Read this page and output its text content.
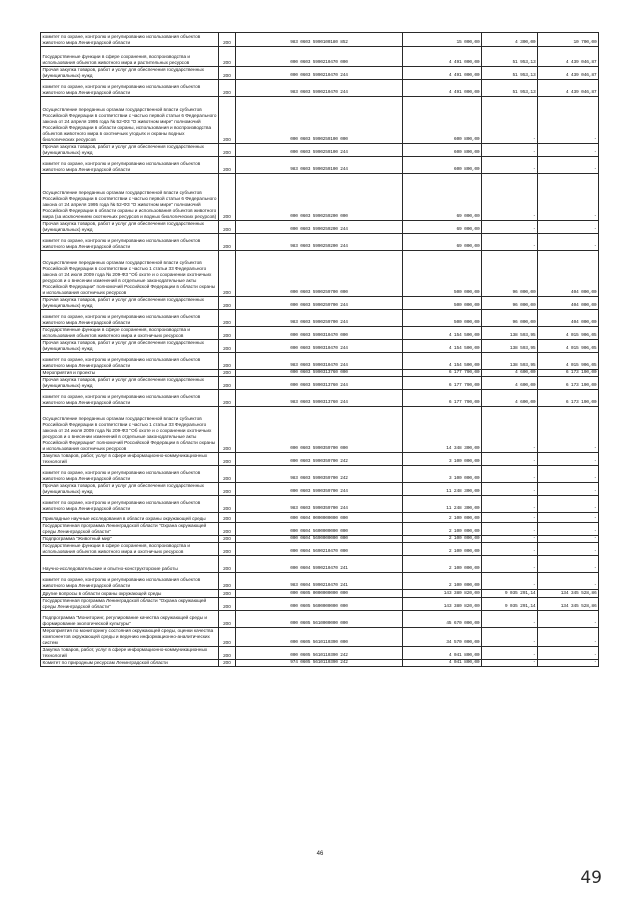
комитет по охране, контролю и регулированию использования объектов животного мира Ленинградской области	200	983 0603 5990100180 852	15 000,00	4 300,00	10 700,00
Государственные функции в сфере сохранения, воспроизводства и использования объектов животного мира и растительных ресурсов	200	000 0603 5990210470 000	4 491 000,00	51 953,13	4 439 046,87
Прочая закупка товаров, работ и услуг для обеспечения государственных (муниципальных) нужд	200	000 0603 5990210470 244	4 491 000,00	51 953,13	4 439 046,87
комитет по охране, контролю и регулированию использования объектов животного мира Ленинградской области	200	983 0603 5990210470 244	4 491 000,00	51 953,13	4 439 046,87
Осуществление переданных органам государственной власти субъектов Российской Федерации в соответствии с частью первой статьи 6 Федерального закона от 24 апреля 1995 года № 52-ФЗ "О животном мире" полномочий Российской Федерации в области охраны, использования и воспроизводства объектов животного мира в охотничьих угодьях и охраны водных биологических ресурсов	200	000 0603 5990259100 000	600 800,00	-	-
Прочая закупка товаров, работ и услуг для обеспечения государственных (муниципальных) нужд	200	000 0603 5990259100 244	600 800,00	-	-
комитет по охране, контролю и регулированию использования объектов животного мира Ленинградской области	200	983 0603 5990259100 244	600 800,00	-	-
Осуществление переданных органам государственной власти субъектов Российской Федерации в соответствии с частью первой статьи 6 Федерального закона от 24 апреля 1995 года № 52-ФЗ "О животном мире" полномочий Российской Федерации в области охраны и использования объектов животного мира (за исключением охотничьих ресурсов и водных биологических ресурсов)	200	000 0603 5990259200 000	69 000,00	-	-
Прочая закупка товаров, работ и услуг для обеспечения государственных (муниципальных) нужд	200	000 0603 5990259200 244	69 000,00	-	-
комитет по охране, контролю и регулированию использования объектов животного мира Ленинградской области	200	983 0603 5990259200 244	69 000,00	-	-
Осуществление переданных органам государственной власти субъектов Российской Федерации в соответствии с частью 1 статьи 33 Федерального закона от 24 июля 2009 года № 209-ФЗ "Об охоте и о сохранении охотничьих ресурсов и о внесении изменений в отдельные законодательные акты Российской Федерации" полномочий Российской Федерации в области охраны и использования охотничьих ресурсов	200	000 0603 5990259700 000	500 000,00	96 000,00	404 000,00
Прочая закупка товаров, работ и услуг для обеспечения государственных (муниципальных) нужд	200	000 0603 5990259700 244	500 000,00	96 000,00	404 000,00
комитет по охране, контролю и регулированию использования объектов животного мира Ленинградской области	200	983 0603 5990259700 244	500 000,00	96 000,00	404 000,00
Государственные функции в сфере сохранения, воспроизводства и использования объектов животного мира и охотничьих ресурсов	200	000 0603 5990310470 000	4 154 500,00	138 593,95	4 015 906,05
Прочая закупка товаров, работ и услуг для обеспечения государственных (муниципальных) нужд	200	000 0603 5990310470 244	4 154 500,00	138 593,95	4 015 906,05
комитет по охране, контролю и регулированию использования объектов животного мира Ленинградской области	200	983 0603 5990310470 244	4 154 500,00	138 593,95	4 015 906,05
Мероприятия и проекты	200	000 0603 5990313760 000	6 177 790,00	4 600,00	6 173 190,00
Прочая закупка товаров, работ и услуг для обеспечения государственных (муниципальных) нужд	200	000 0603 5990313760 244	6 177 790,00	4 600,00	6 173 190,00
комитет по охране, контролю и регулированию использования объектов животного мира Ленинградской области	200	983 0603 5990313760 244	6 177 790,00	4 600,00	6 173 190,00
Осуществление переданных органам государственной власти субъектов Российской Федерации в соответствии с частью 1 статьи 33 Федерального закона от 24 июля 2009 года № 209-ФЗ "Об охоте и о сохранении охотничьих ресурсов и о внесении изменений в отдельные законодательные акты Российской Федерации" полномочий Российской Федерации в области охраны и использования охотничьих ресурсов	200	000 0603 5990359700 000	14 348 300,00	-	-
Закупка товаров, работ, услуг в сфере информационно-коммуникационных технологий	200	000 0603 5990359700 242	3 100 000,00	-	-
комитет по охране, контролю и регулированию использования объектов животного мира Ленинградской области	200	983 0603 5990359700 242	3 100 000,00	-	-
Прочая закупка товаров, работ и услуг для обеспечения государственных (муниципальных) нужд	200	000 0603 5990359700 244	11 248 300,00	-	-
комитет по охране, контролю и регулированию использования объектов животного мира Ленинградской области	200	983 0603 5990359700 244	11 248 300,00	-	-
Прикладные научные исследования в области охраны окружающей среды	200	000 0604 0000000000 000	2 100 000,00	-	-
Государственная программа Ленинградской области "Охрана окружающей среды Ленинградской области"	200	000 0604 5600000000 000	2 100 000,00	-	-
Подпрограмма "Животный мир"	200	000 0604 5690000000 000	2 100 000,00	-	-
Государственные функции в сфере сохранения, воспроизводства и использования объектов животного мира и охотничьих ресурсов	200	000 0604 5690210470 000	2 100 000,00	-	-
Научно-исследовательские и опытно-конструкторские работы	200	000 0604 5990210470 241	2 100 000,00	-	-
комитет по охране, контролю и регулированию использования объектов животного мира Ленинградской области	200	983 0604 5990210470 241	2 100 000,00	-	-
Другие вопросы в области охраны окружающей среды	200	000 0605 0000000000 000	143 380 820,00	9 035 291,14	134 345 528,86
Государственная программа Ленинградской области "Охрана окружающей среды Ленинградской области"	200	000 0605 5600000000 000	143 380 820,00	9 035 291,14	134 345 528,86
Подпрограмма "Мониторинг, регулирование качества окружающей среды и формирование экологической культуры"	200	000 0605 5610000000 000	45 670 000,00	-	-
Мероприятия по мониторингу состояния окружающей среды, оценки качества компонентов окружающей среды и ведению информационно-аналитических систем	200	000 0605 5610110390 000	34 570 000,00	-	-
Закупка товаров, работ, услуг в сфере информационно-коммуникационных технологий	200	000 0605 5610110390 242	4 041 800,00	-	-
Комитет по природным ресурсам Ленинградской области	200	974 0605 5610110390 242	4 041 800,00	-	-
46
49
